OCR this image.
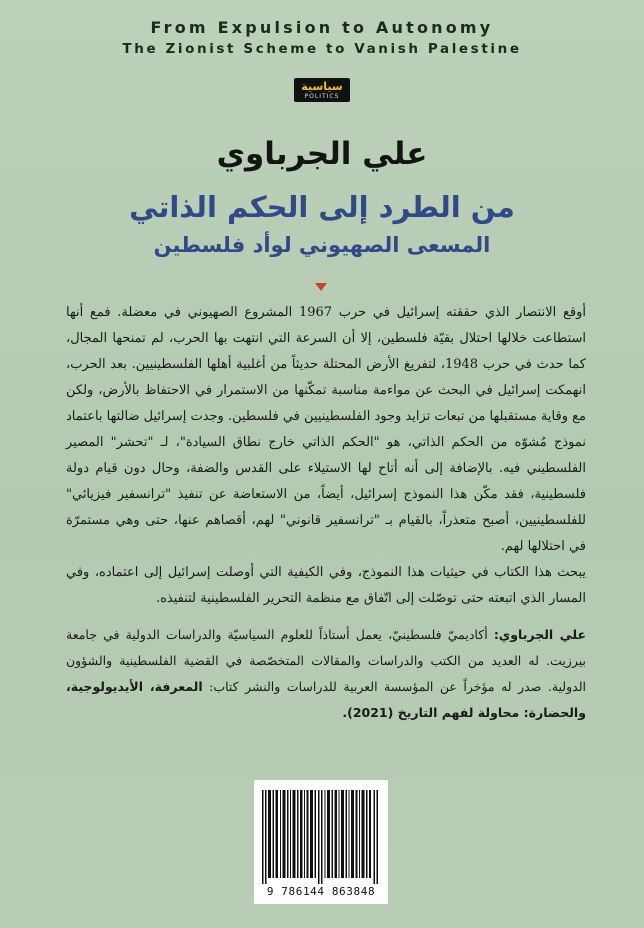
From Expulsion to Autonomy
The Zionist Scheme to Vanish Palestine
سياسية
POLITICS
علي الجرباوي
من الطرد إلى الحكم الذاتي
المسعى الصهيوني لوأد فلسطين

أوقع الانتصار الذي حققته إسرائيل في حرب 1967 المشروع الصهيوني في معضلة. فمع أنها استطاعت خلالها احتلال بقيّة فلسطين، إلا أن السرعة التي انتهت بها الحرب، لم تمنحها المجال، كما حدث في حرب 1948، لتفريغ الأرض المحتلة حديثاً من أغلبية أهلها الفلسطينيين. بعد الحرب، انهمكت إسرائيل في البحث عن مواءمة مناسبة تمكّنها من الاستمرار في الاحتفاظ بالأرض، ولكن مع وقاية مستقبلها من تبعات تزايد وجود الفلسطينيين في فلسطين. وجدت إسرائيل ضالتها باعتماد نموذج مُشوّه من الحكم الذاتي، هو "الحكم الذاتي خارج نطاق السيادة"، لـ "تحشر" المصير الفلسطيني فيه. بالإضافة إلى أنه أتاح لها الاستيلاء على القدس والضفة، وحال دون قيام دولة فلسطينية، فقد مكّن هذا النموذج إسرائيل، أيضاً، من الاستعاضة عن تنفيذ "ترانسفير فيزيائي" للفلسطينيين، أصبح متعذراً، بالقيام بـ "ترانسفير قانوني" لهم، أقصاهم عنها، حتى وهي مستمرّة في احتلالها لهم.

يبحث هذا الكتاب في حيثيات هذا النموذج، وفي الكيفية التي أوصلت إسرائيل إلى اعتماده، وفي المسار الذي اتبعته حتى توصّلت إلى اتّفاق مع منظمة التحرير الفلسطينية لتنفيذه.

علي الجرباوي: أكاديميّ فلسطينيّ، يعمل أستاذاً للعلوم السياسيّة والدراسات الدولية في جامعة بيرزيت. له العديد من الكتب والدراسات والمقالات المتخصّصة في القضية الفلسطينية والشؤون الدولية. صدر له مؤخراً عن المؤسسة العربية للدراسات والنشر كتاب: المعرفة، الأيديولوجية، والحضارة: محاولة لفهم التاريخ (2021).
9 786144 863848
